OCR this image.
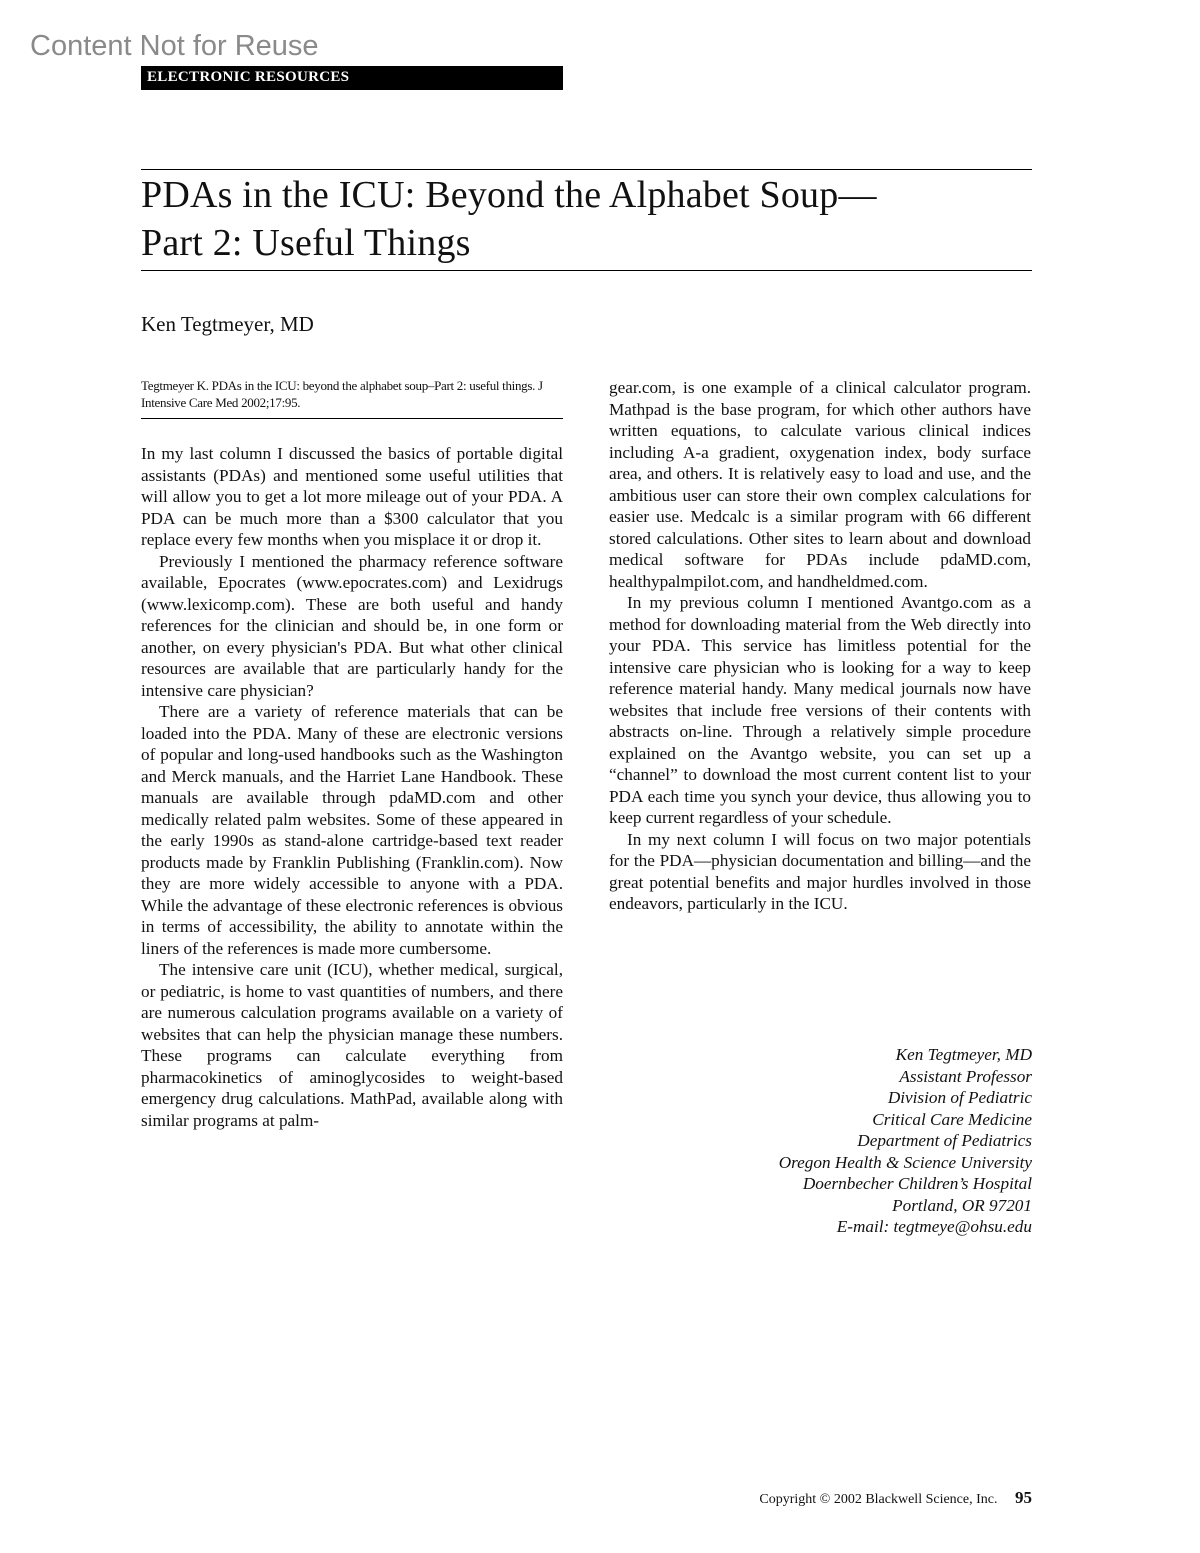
Content Not for Reuse
ELECTRONIC RESOURCES
PDAs in the ICU: Beyond the Alphabet Soup—
Part 2: Useful Things
Ken Tegtmeyer, MD
Tegtmeyer K. PDAs in the ICU: beyond the alphabet soup–Part 2: useful things. J Intensive Care Med 2002;17:95.

In my last column I discussed the basics of portable digital assistants (PDAs) and mentioned some useful utilities that will allow you to get a lot more mileage out of your PDA. A PDA can be much more than a $300 calculator that you replace every few months when you misplace it or drop it.

Previously I mentioned the pharmacy reference software available, Epocrates (www.epocrates.com) and Lexidrugs (www.lexicomp.com). These are both useful and handy references for the clinician and should be, in one form or another, on every physician's PDA. But what other clinical resources are available that are particularly handy for the intensive care physician?

There are a variety of reference materials that can be loaded into the PDA. Many of these are electronic versions of popular and long-used handbooks such as the Washington and Merck manuals, and the Harriet Lane Handbook. These manuals are available through pdaMD.com and other medically related palm websites. Some of these appeared in the early 1990s as stand-alone cartridge-based text reader products made by Franklin Publishing (Franklin.com). Now they are more widely accessible to anyone with a PDA. While the advantage of these electronic references is obvious in terms of accessibility, the ability to annotate within the liners of the references is made more cumbersome.

The intensive care unit (ICU), whether medical, surgical, or pediatric, is home to vast quantities of numbers, and there are numerous calculation programs available on a variety of websites that can help the physician manage these numbers. These programs can calculate everything from pharmacokinetics of aminoglycosides to weight-based emergency drug calculations. MathPad, available along with similar programs at palm-

gear.com, is one example of a clinical calculator program. Mathpad is the base program, for which other authors have written equations, to calculate various clinical indices including A-a gradient, oxygenation index, body surface area, and others. It is relatively easy to load and use, and the ambitious user can store their own complex calculations for easier use. Medcalc is a similar program with 66 different stored calculations. Other sites to learn about and download medical software for PDAs include pdaMD.com, healthypalmpilot.com, and handheldmed.com.

In my previous column I mentioned Avantgo.com as a method for downloading material from the Web directly into your PDA. This service has limitless potential for the intensive care physician who is looking for a way to keep reference material handy. Many medical journals now have websites that include free versions of their contents with abstracts on-line. Through a relatively simple procedure explained on the Avantgo website, you can set up a “channel” to download the most current content list to your PDA each time you synch your device, thus allowing you to keep current regardless of your schedule.

In my next column I will focus on two major potentials for the PDA—physician documentation and billing—and the great potential benefits and major hurdles involved in those endeavors, particularly in the ICU.

Ken Tegtmeyer, MD
Assistant Professor
Division of Pediatric
Critical Care Medicine
Department of Pediatrics
Oregon Health & Science University
Doernbecher Children’s Hospital
Portland, OR 97201
E-mail: tegtmeye@ohsu.edu
Copyright © 2002 Blackwell Science, Inc. 95
